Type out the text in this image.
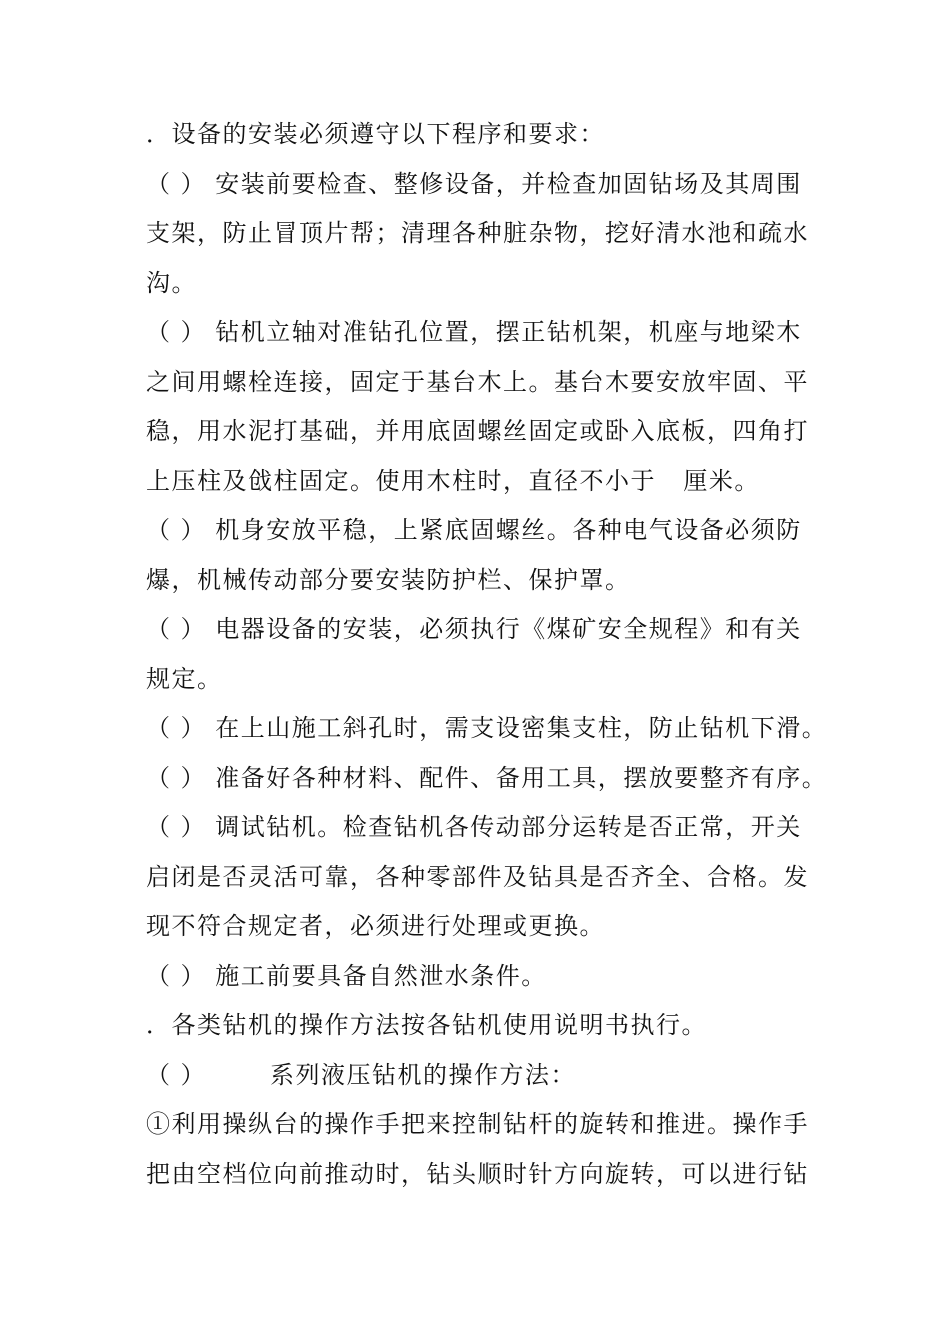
．设备的安装必须遵守以下程序和要求：
（ ） 安装前要检查、整修设备，并检查加固钻场及其周围
支架，防止冒顶片帮；清理各种脏杂物，挖好清水池和疏水
沟。
（ ） 钻机立轴对准钻孔位置，摆正钻机架，机座与地梁木
之间用螺栓连接，固定于基台木上。基台木要安放牢固、平
稳，用水泥打基础，并用底固螺丝固定或卧入底板，四角打
上压柱及戗柱固定。使用木柱时，直径不小于   厘米。
（ ） 机身安放平稳，上紧底固螺丝。各种电气设备必须防
爆，机械传动部分要安装防护栏、保护罩。
（ ） 电器设备的安装，必须执行《煤矿安全规程》和有关
规定。
（ ） 在上山施工斜孔时，需支设密集支柱，防止钻机下滑。
（ ） 准备好各种材料、配件、备用工具，摆放要整齐有序。
（ ） 调试钻机。检查钻机各传动部分运转是否正常，开关
启闭是否灵活可靠，各种零部件及钻具是否齐全、合格。发
现不符合规定者，必须进行处理或更换。
（ ） 施工前要具备自然泄水条件。
．各类钻机的操作方法按各钻机使用说明书执行。
（ ）       系列液压钻机的操作方法：
①利用操纵台的操作手把来控制钻杆的旋转和推进。操作手
把由空档位向前推动时，钻头顺时针方向旋转，可以进行钻
